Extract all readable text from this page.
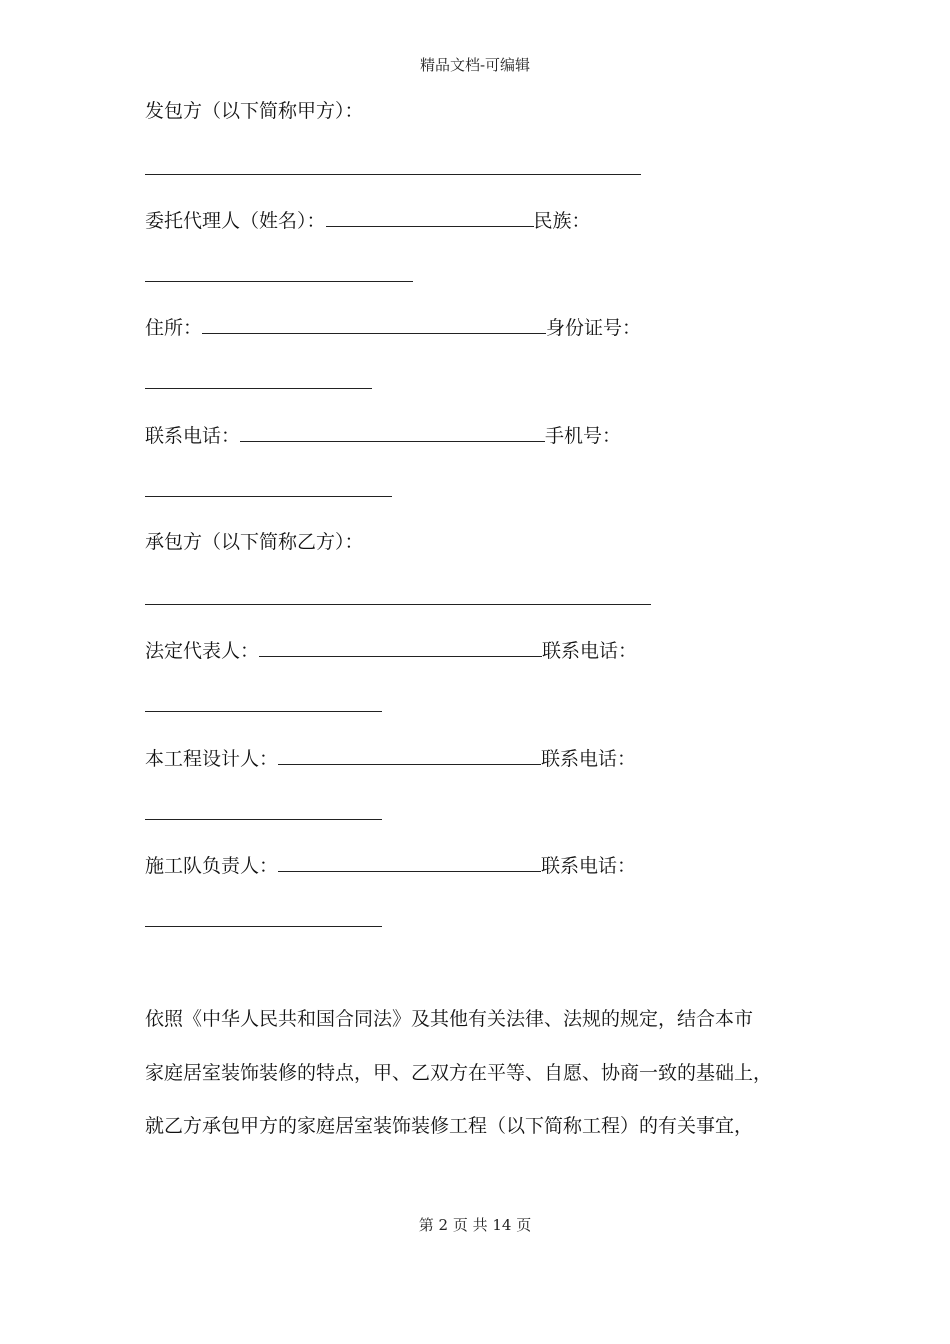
精品文档-可编辑
发包方（以下简称甲方）：
委托代理人（姓名）：	民族：
住所：	身份证号：
联系电话：	手机号：
承包方（以下简称乙方）：
法定代表人：	联系电话：
本工程设计人：	联系电话：
施工队负责人：	联系电话：
依照《中华人民共和国合同法》及其他有关法律、法规的规定，结合本市
家庭居室装饰装修的特点，甲、乙双方在平等、自愿、协商一致的基础上，
就乙方承包甲方的家庭居室装饰装修工程（以下简称工程）的有关事宜，
第 2 页 共 14 页
